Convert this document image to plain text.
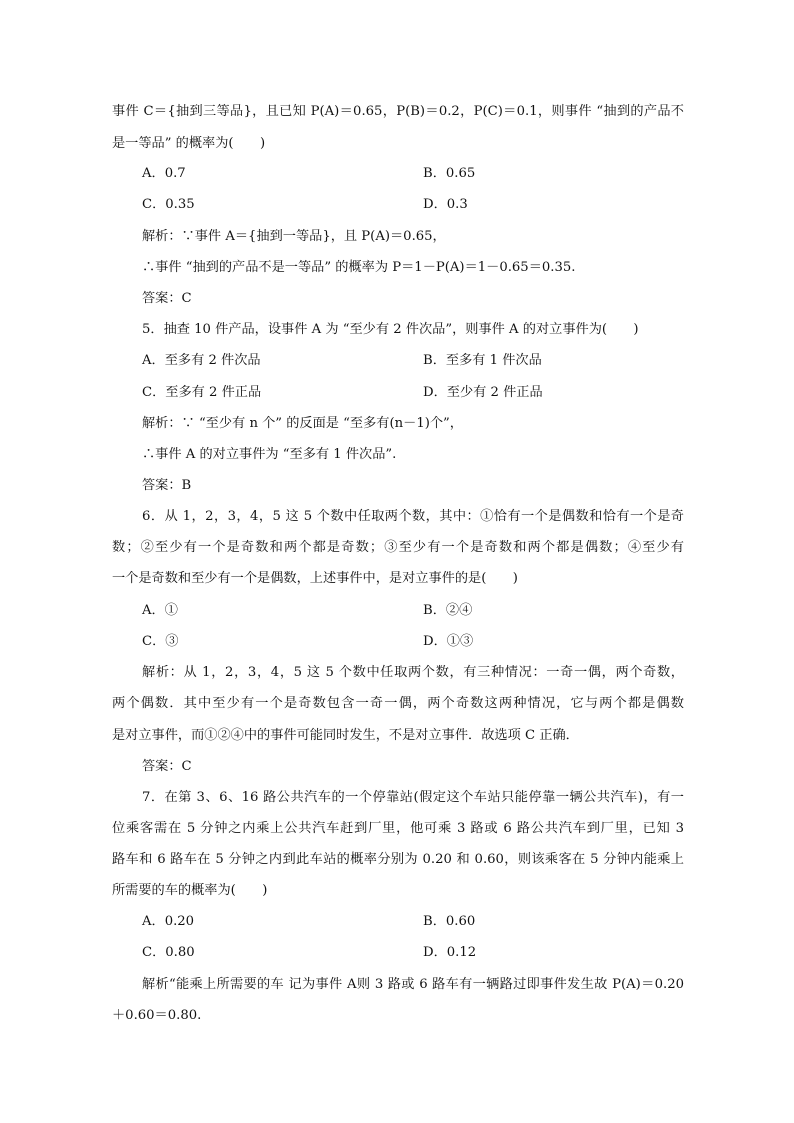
事件 C＝{抽到三等品}，且已知 P(A)＝0.65，P(B)＝0.2，P(C)＝0.1，则事件 “抽到的产品不
是一等品” 的概率为(　　)
A．0.7	B．0.65
C．0.35	D．0.3
解析：∵事件 A＝{抽到一等品}，且 P(A)＝0.65，
∴事件 “抽到的产品不是一等品” 的概率为 P＝1－P(A)＝1－0.65＝0.35.
答案：C
5．抽查 10 件产品，设事件 A 为 “至少有 2 件次品”，则事件 A 的对立事件为(　　)
A．至多有 2 件次品	B．至多有 1 件次品
C．至多有 2 件正品	D．至少有 2 件正品
解析：∵ “至少有 n 个” 的反面是 “至多有(n－1)个”，
∴事件 A 的对立事件为 “至多有 1 件次品”.
答案：B
6．从 1，2，3，4，5 这 5 个数中任取两个数，其中：①恰有一个是偶数和恰有一个是奇
数；②至少有一个是奇数和两个都是奇数；③至少有一个是奇数和两个都是偶数；④至少有
一个是奇数和至少有一个是偶数，上述事件中，是对立事件的是(　　)
A．①	B．②④
C．③	D．①③
解析：从 1，2，3，4，5 这 5 个数中任取两个数，有三种情况：一奇一偶，两个奇数，
两个偶数．其中至少有一个是奇数包含一奇一偶，两个奇数这两种情况，它与两个都是偶数
是对立事件，而①②④中的事件可能同时发生，不是对立事件．故选项 C 正确．
答案：C
7．在第 3、6、16 路公共汽车的一个停靠站(假定这个车站只能停靠一辆公共汽车)，有一
位乘客需在 5 分钟之内乘上公共汽车赶到厂里，他可乘 3 路或 6 路公共汽车到厂里，已知 3
路车和 6 路车在 5 分钟之内到此车站的概率分别为 0.20 和 0.60，则该乘客在 5 分钟内能乘上
所需要的车的概率为(　　)
A．0.20	B．0.60
C．0.80	D．0.12
解析“能乘上所需要的车 记为事件 A则 3 路或 6 路车有一辆路过即事件发生故 P(A)＝0.20
＋0.60＝0.80.
